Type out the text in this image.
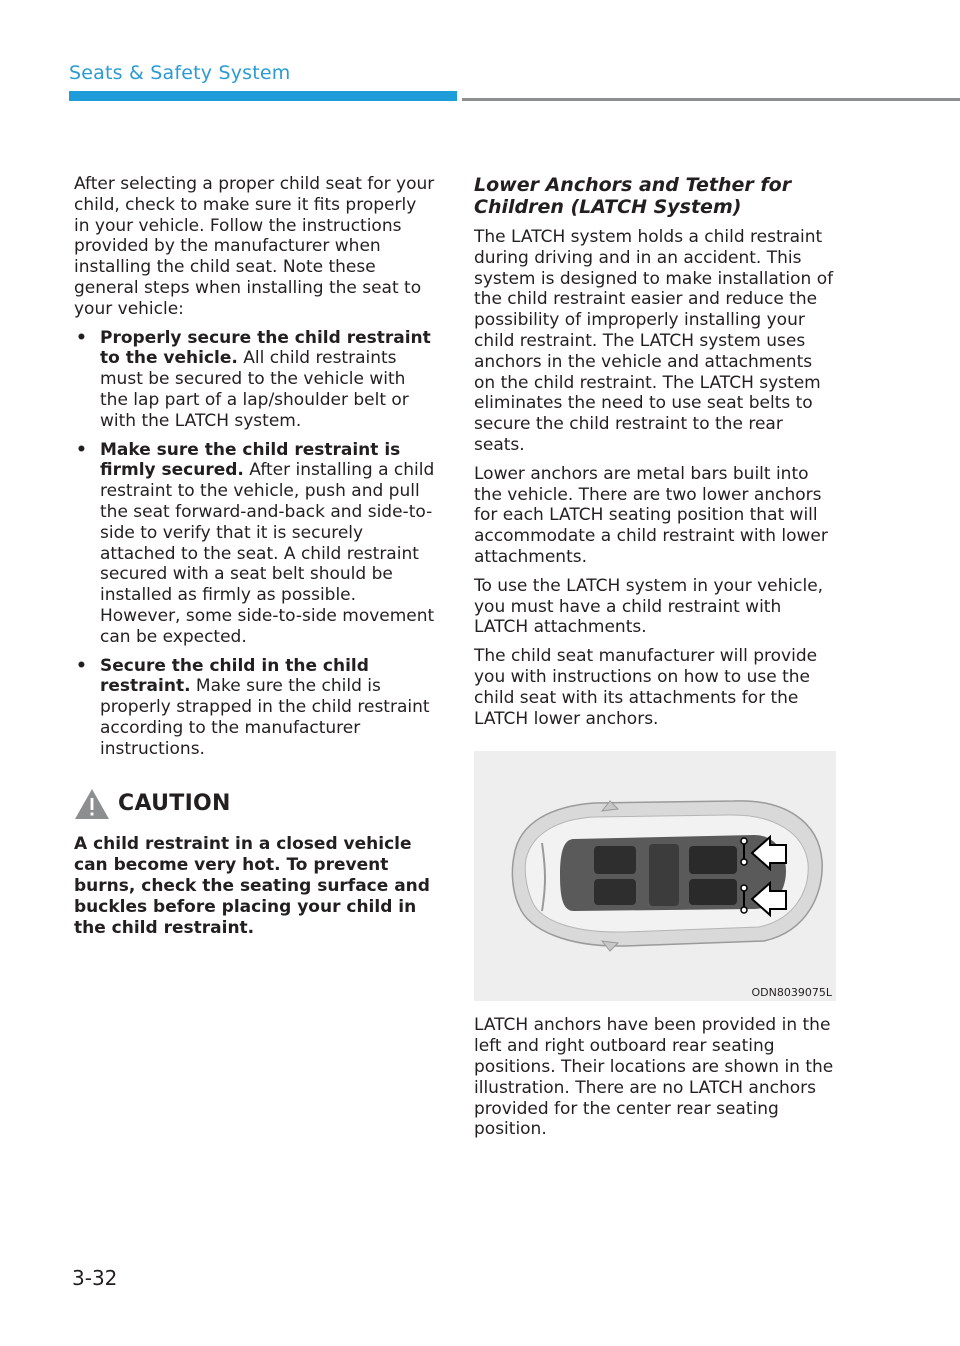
Seats & Safety System

After selecting a proper child seat for your child, check to make sure it fits properly in your vehicle. Follow the instructions provided by the manufacturer when installing the child seat. Note these general steps when installing the seat to your vehicle:

• Properly secure the child restraint to the vehicle. All child restraints must be secured to the vehicle with the lap part of a lap/shoulder belt or with the LATCH system.
• Make sure the child restraint is firmly secured. After installing a child restraint to the vehicle, push and pull the seat forward-and-back and side-to-side to verify that it is securely attached to the seat. A child restraint secured with a seat belt should be installed as firmly as possible. However, some side-to-side movement can be expected.
• Secure the child in the child restraint. Make sure the child is properly strapped in the child restraint according to the manufacturer instructions.
CAUTION
A child restraint in a closed vehicle can become very hot. To prevent burns, check the seating surface and buckles before placing your child in the child restraint.
Lower Anchors and Tether for Children (LATCH System)

The LATCH system holds a child restraint during driving and in an accident. This system is designed to make installation of the child restraint easier and reduce the possibility of improperly installing your child restraint. The LATCH system uses anchors in the vehicle and attachments on the child restraint. The LATCH system eliminates the need to use seat belts to secure the child restraint to the rear seats.

Lower anchors are metal bars built into the vehicle. There are two lower anchors for each LATCH seating position that will accommodate a child restraint with lower attachments.

To use the LATCH system in your vehicle, you must have a child restraint with LATCH attachments.

The child seat manufacturer will provide you with instructions on how to use the child seat with its attachments for the LATCH lower anchors.

ODN8039075L

LATCH anchors have been provided in the left and right outboard rear seating positions. Their locations are shown in the illustration. There are no LATCH anchors provided for the center rear seating position.

3-32
